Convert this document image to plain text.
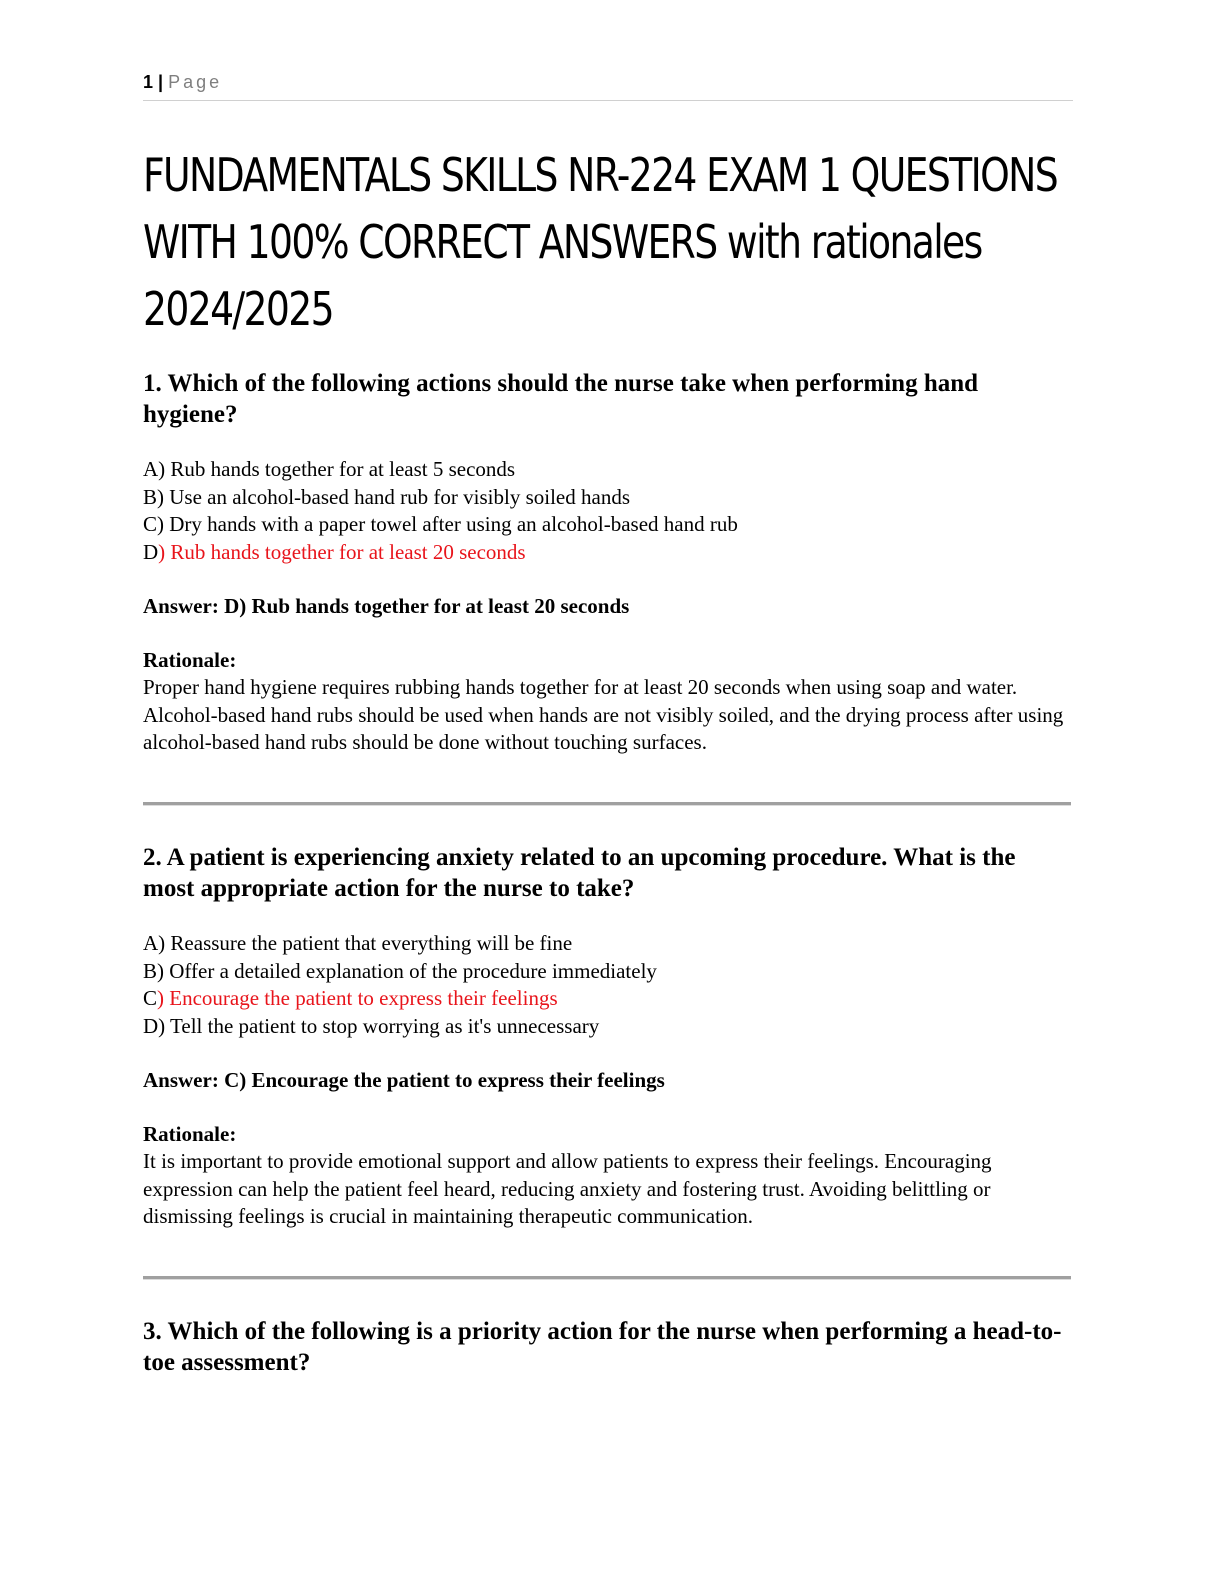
1 | Page
FUNDAMENTALS SKILLS NR-224 EXAM 1 QUESTIONS WITH 100% CORRECT ANSWERS with rationales 2024/2025

1. Which of the following actions should the nurse take when performing hand hygiene?

A) Rub hands together for at least 5 seconds
B) Use an alcohol-based hand rub for visibly soiled hands
C) Dry hands with a paper towel after using an alcohol-based hand rub
D) Rub hands together for at least 20 seconds
Answer: D) Rub hands together for at least 20 seconds
Rationale:
Proper hand hygiene requires rubbing hands together for at least 20 seconds when using soap and water. Alcohol-based hand rubs should be used when hands are not visibly soiled, and the drying process after using alcohol-based hand rubs should be done without touching surfaces.

2. A patient is experiencing anxiety related to an upcoming procedure. What is the most appropriate action for the nurse to take?

A) Reassure the patient that everything will be fine
B) Offer a detailed explanation of the procedure immediately
C) Encourage the patient to express their feelings
D) Tell the patient to stop worrying as it's unnecessary
Answer: C) Encourage the patient to express their feelings
Rationale:
It is important to provide emotional support and allow patients to express their feelings. Encouraging expression can help the patient feel heard, reducing anxiety and fostering trust. Avoiding belittling or dismissing feelings is crucial in maintaining therapeutic communication.

3. Which of the following is a priority action for the nurse when performing a head-to-toe assessment?
